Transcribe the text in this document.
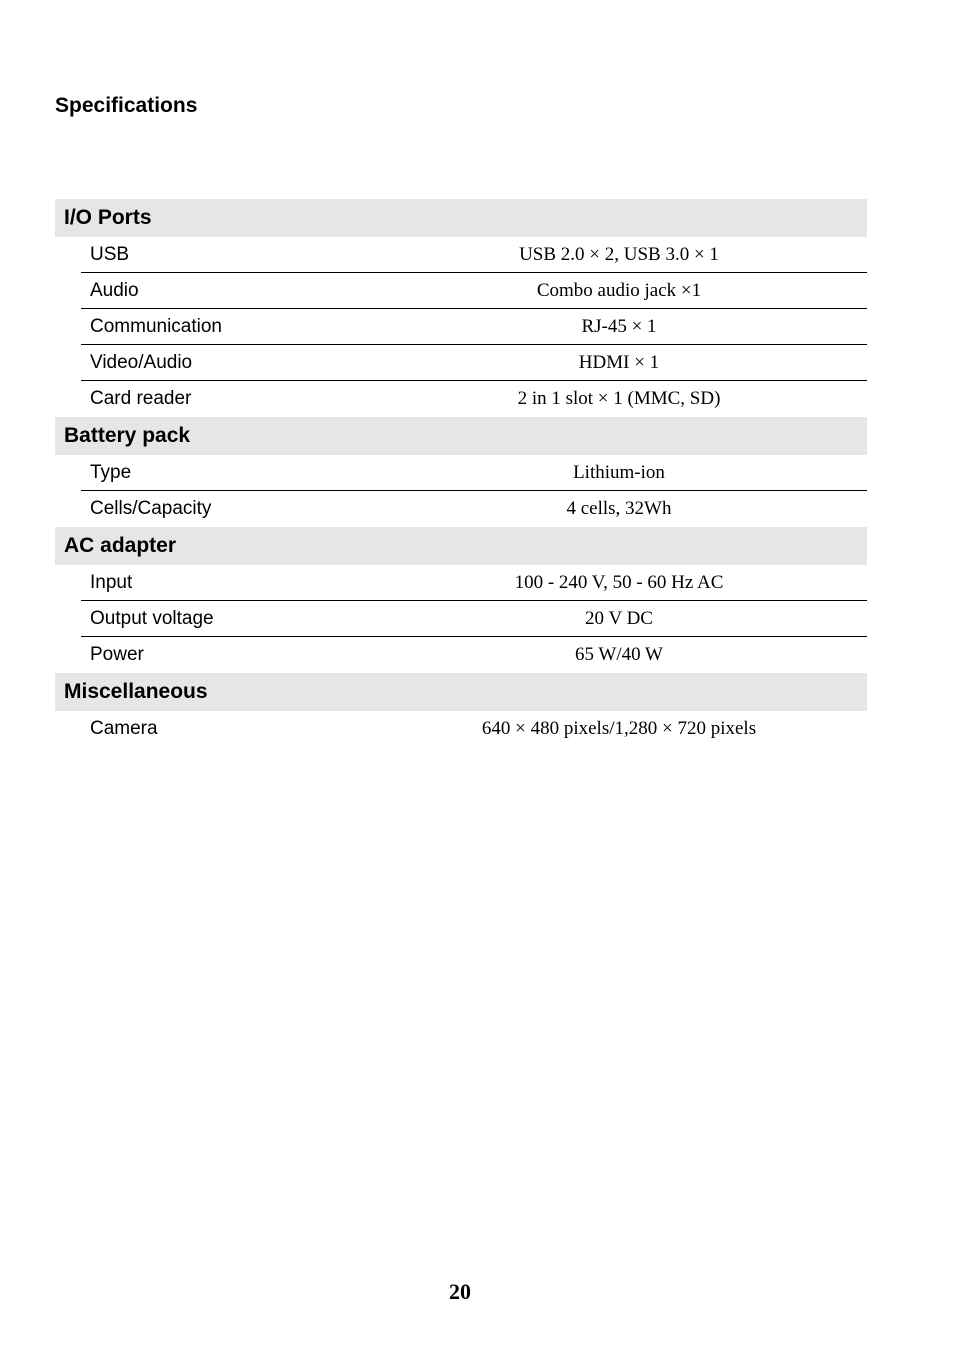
Specifications
I/O Ports
USB	USB 2.0 × 2, USB 3.0 × 1
Audio	Combo audio jack ×1
Communication	RJ-45 × 1
Video/Audio	HDMI × 1
Card reader	2 in 1 slot × 1 (MMC, SD)
Battery pack
Type	Lithium-ion
Cells/Capacity	4 cells, 32Wh
AC adapter
Input	100 - 240 V, 50 - 60 Hz AC
Output voltage	20 V DC
Power	65 W/40 W
Miscellaneous
Camera	640 × 480 pixels/1,280 × 720 pixels
20
